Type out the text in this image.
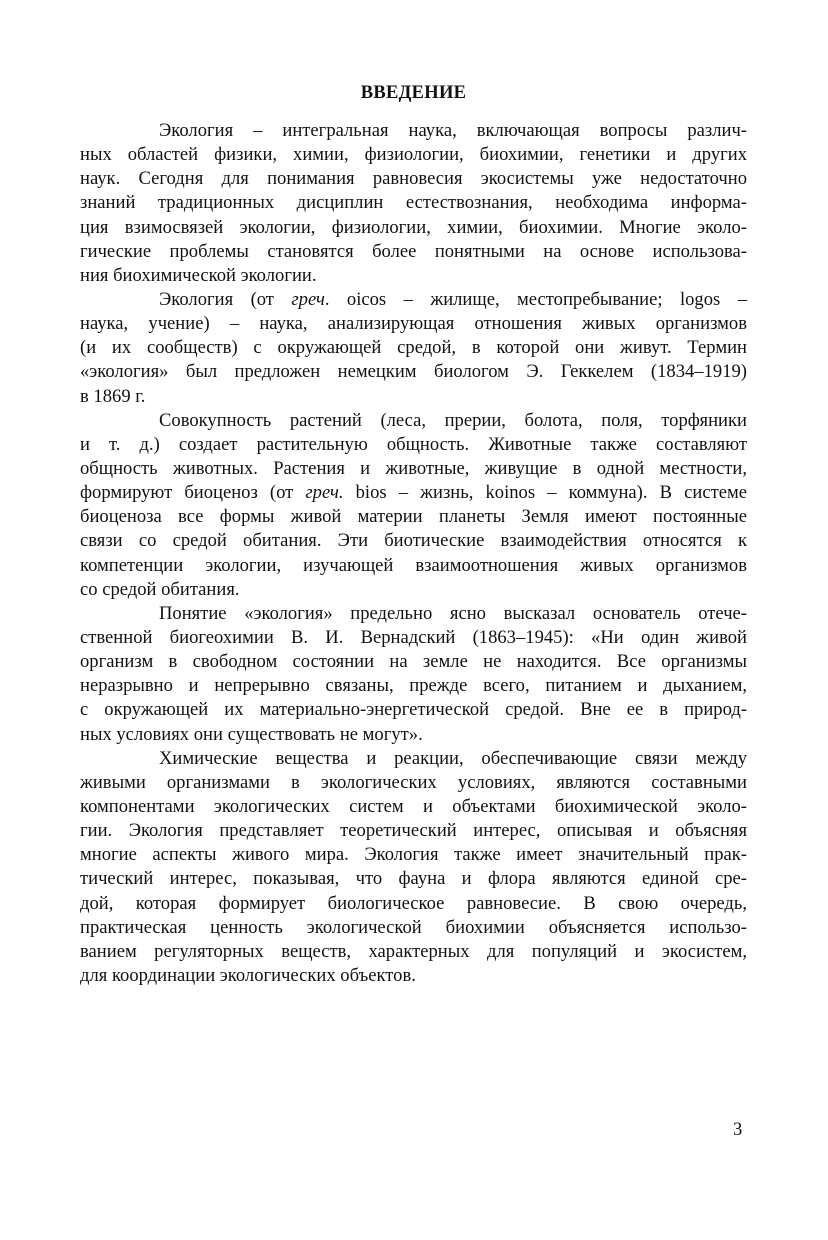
ВВЕДЕНИЕ

Экология – интегральная наука, включающая вопросы различ-
ных областей физики, химии, физиологии, биохимии, генетики и других
наук. Сегодня для понимания равновесия экосистемы уже недостаточно
знаний традиционных дисциплин естествознания, необходима информа-
ция взимосвязей экологии, физиологии, химии, биохимии. Многие эколо-
гические проблемы становятся более понятными на основе использова-
ния биохимической экологии.

Экология (от греч. oicos – жилище, местопребывание; logos –
наука, учение) – наука, анализирующая отношения живых организмов
(и их сообществ) с окружающей средой, в которой они живут. Термин
«экология» был предложен немецким биологом Э. Геккелем (1834–1919)
в 1869 г.

Совокупность растений (леса, прерии, болота, поля, торфяники
и т. д.) создает растительную общность. Животные также составляют
общность животных. Растения и животные, живущие в одной местности,
формируют биоценоз (от греч. bios – жизнь, koinos – коммуна). В системе
биоценоза все формы живой материи планеты Земля имеют постоянные
связи со средой обитания. Эти биотические взаимодействия относятся к
компетенции экологии, изучающей взаимоотношения живых организмов
со средой обитания.

Понятие «экология» предельно ясно высказал основатель отече-
ственной биогеохимии В. И. Вернадский (1863–1945): «Ни один живой
организм в свободном состоянии на земле не находится. Все организмы
неразрывно и непрерывно связаны, прежде всего, питанием и дыханием,
с окружающей их материально-энергетической средой. Вне ее в природ-
ных условиях они существовать не могут».

Химические вещества и реакции, обеспечивающие связи между
живыми организмами в экологических условиях, являются составными
компонентами экологических систем и объектами биохимической эколо-
гии. Экология представляет теоретический интерес, описывая и объясняя
многие аспекты живого мира. Экология также имеет значительный прак-
тический интерес, показывая, что фауна и флора являются единой сре-
дой, которая формирует биологическое равновесие. В свою очередь,
практическая ценность экологической биохимии объясняется использо-
ванием регуляторных веществ, характерных для популяций и экосистем,
для координации экологических объектов.

3
